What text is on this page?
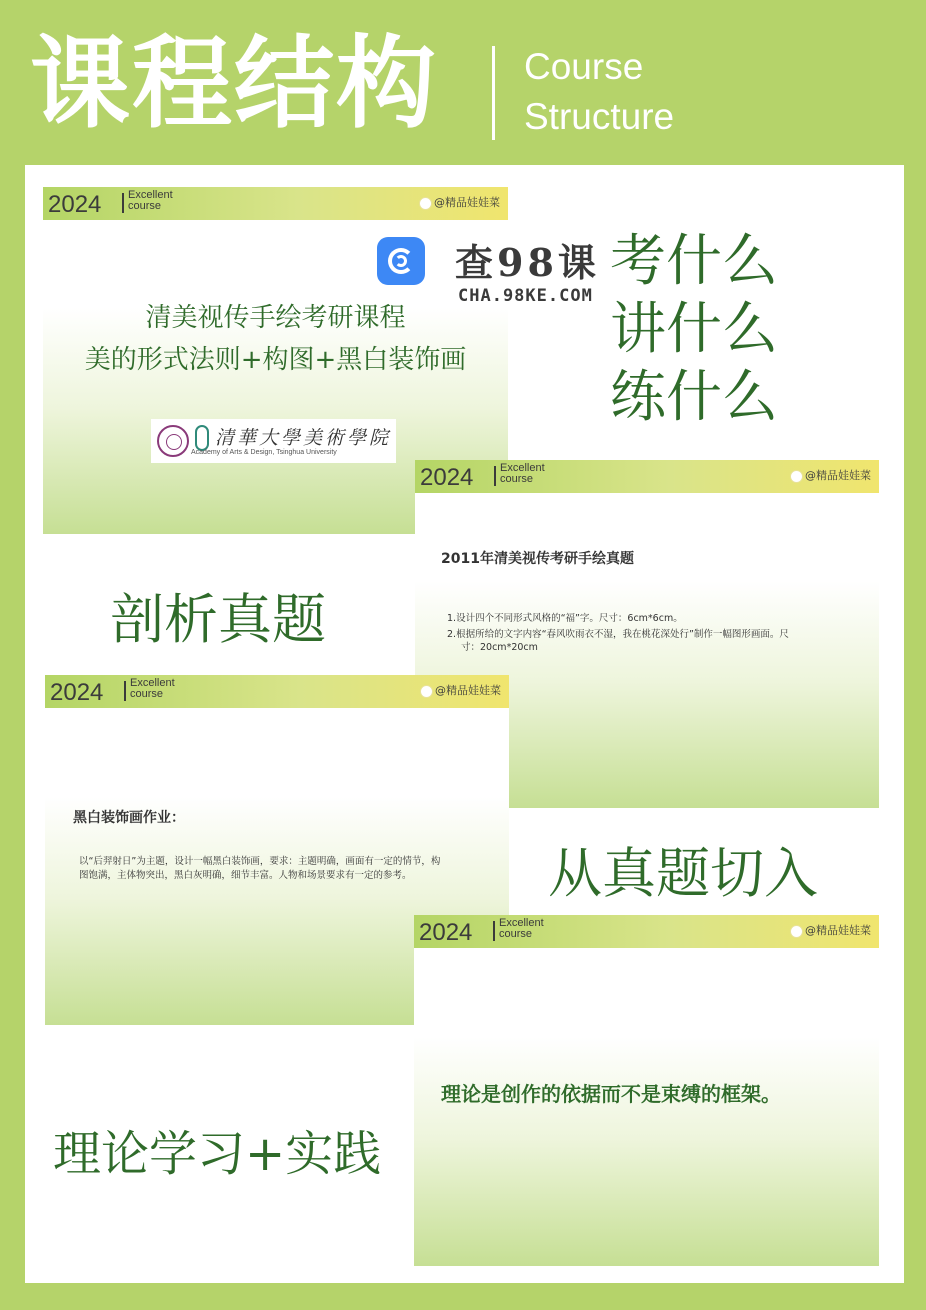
课程结构 Course
Structure
2024 Excellent
course	@精品娃娃菜
清美视传手绘考研课程
美的形式法则+构图+黑白装饰画
清華大學美術學院
Academy of Arts & Design, Tsinghua University
2024 Excellent
course	@精品娃娃菜
2011年清美视传考研手绘真题
1.设计四个不同形式风格的“福”字。尺寸：6cm*6cm。
2.根据所给的文字内容“春风吹雨衣不湿，我在桃花深处行”制作一幅图形画面。尺
寸：20cm*20cm
2024 Excellent
course	@精品娃娃菜
黑白装饰画作业：
以“后羿射日”为主题，设计一幅黑白装饰画，要求：主题明确，画面有一定的情节，构
图饱满，主体物突出，黑白灰明确，细节丰富。人物和场景要求有一定的参考。
2024 Excellent
course	@精品娃娃菜
理论是创作的依据而不是束缚的框架。
考什么
讲什么
练什么
剖析真题
从真题切入
理论学习+实践
查98课
CHA.98KE.COM
